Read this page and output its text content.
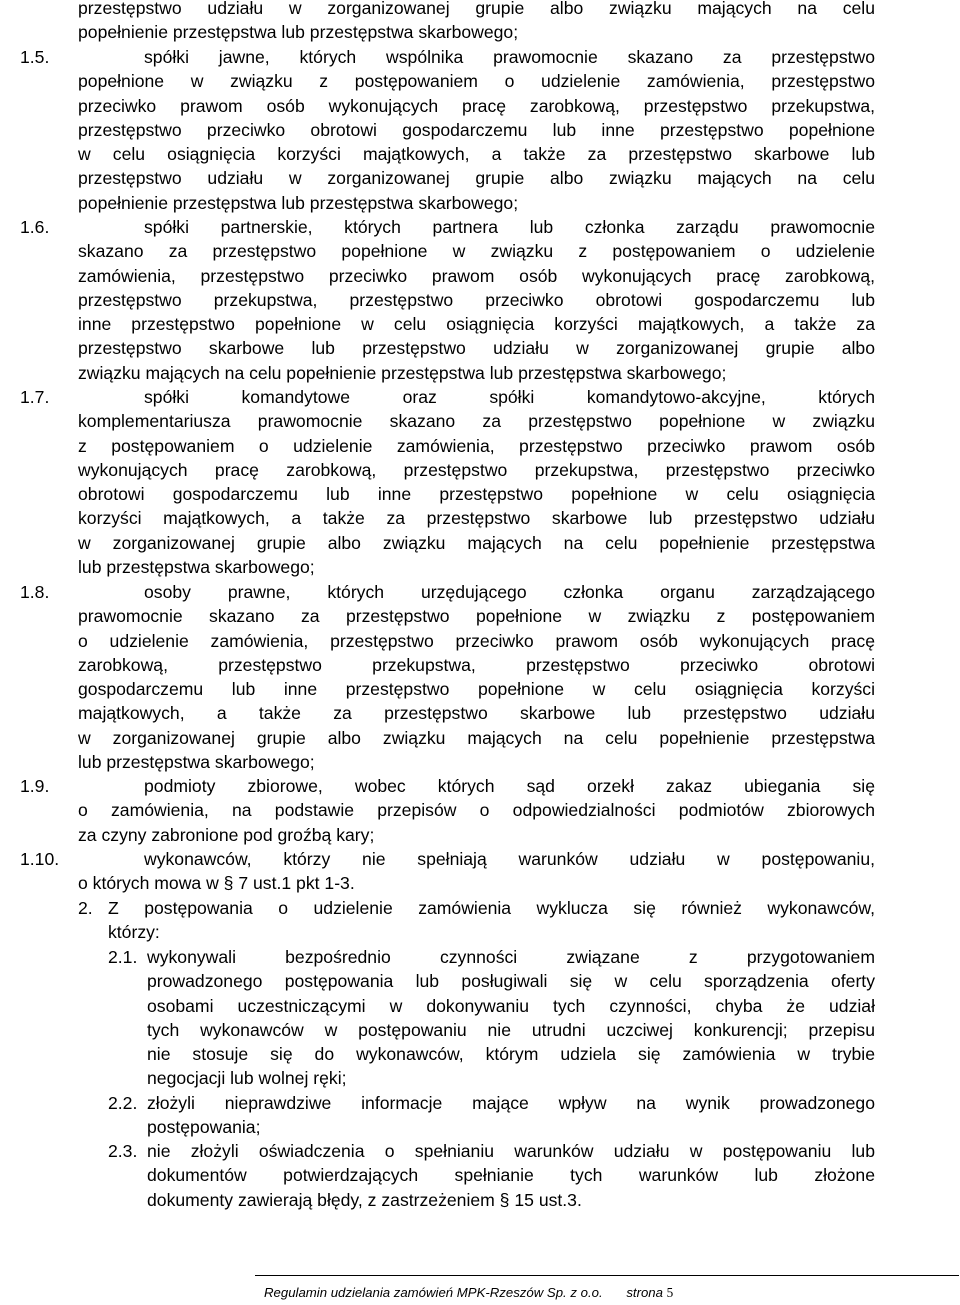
przestępstwo udziału w zorganizowanej grupie albo związku mających na celu
popełnienie przestępstwa lub przestępstwa skarbowego;
1.5.	spółki jawne, których wspólnika prawomocnie skazano za przestępstwo
popełnione w związku z postępowaniem o udzielenie zamówienia, przestępstwo
przeciwko prawom osób wykonujących pracę zarobkową, przestępstwo przekupstwa,
przestępstwo przeciwko obrotowi gospodarczemu lub inne przestępstwo popełnione
w celu osiągnięcia korzyści majątkowych, a także za przestępstwo skarbowe lub
przestępstwo udziału w zorganizowanej grupie albo związku mających na celu
popełnienie przestępstwa lub przestępstwa skarbowego;
1.6.	spółki partnerskie, których partnera lub członka zarządu prawomocnie
skazano za przestępstwo popełnione w związku z postępowaniem o udzielenie
zamówienia, przestępstwo przeciwko prawom osób wykonujących pracę zarobkową,
przestępstwo przekupstwa, przestępstwo przeciwko obrotowi gospodarczemu lub
inne przestępstwo popełnione w celu osiągnięcia korzyści majątkowych, a także za
przestępstwo skarbowe lub przestępstwo udziału w zorganizowanej grupie albo
związku mających na celu popełnienie przestępstwa lub przestępstwa skarbowego;
1.7.	spółki komandytowe oraz spółki komandytowo-akcyjne, których
komplementariusza prawomocnie skazano za przestępstwo popełnione w związku
z postępowaniem o udzielenie zamówienia, przestępstwo przeciwko prawom osób
wykonujących pracę zarobkową, przestępstwo przekupstwa, przestępstwo przeciwko
obrotowi gospodarczemu lub inne przestępstwo popełnione w celu osiągnięcia
korzyści majątkowych, a także za przestępstwo skarbowe lub przestępstwo udziału
w zorganizowanej grupie albo związku mających na celu popełnienie przestępstwa
lub przestępstwa skarbowego;
1.8.	osoby prawne, których urzędującego członka organu zarządzającego
prawomocnie skazano za przestępstwo popełnione w związku z postępowaniem
o udzielenie zamówienia, przestępstwo przeciwko prawom osób wykonujących pracę
zarobkową, przestępstwo przekupstwa, przestępstwo przeciwko obrotowi
gospodarczemu lub inne przestępstwo popełnione w celu osiągnięcia korzyści
majątkowych, a także za przestępstwo skarbowe lub przestępstwo udziału
w zorganizowanej grupie albo związku mających na celu popełnienie przestępstwa
lub przestępstwa skarbowego;
1.9.	podmioty zbiorowe, wobec których sąd orzekł zakaz ubiegania się
o zamówienia, na podstawie przepisów o odpowiedzialności podmiotów zbiorowych
za czyny zabronione pod groźbą kary;
1.10.	wykonawców, którzy nie spełniają warunków udziału w postępowaniu,
o których mowa w § 7 ust.1 pkt 1-3.
2. Z postępowania o udzielenie zamówienia wyklucza się również wykonawców,
którzy:
2.1. wykonywali bezpośrednio czynności związane z przygotowaniem
prowadzonego postępowania lub posługiwali się w celu sporządzenia oferty
osobami uczestniczącymi w dokonywaniu tych czynności, chyba że udział
tych wykonawców w postępowaniu nie utrudni uczciwej konkurencji; przepisu
nie stosuje się do wykonawców, którym udziela się zamówienia w trybie
negocjacji lub wolnej ręki;
2.2. złożyli nieprawdziwe informacje mające wpływ na wynik prowadzonego
postępowania;
2.3. nie złożyli oświadczenia o spełnianiu warunków udziału w postępowaniu lub
dokumentów potwierdzających spełnianie tych warunków lub złożone
dokumenty zawierają błędy, z zastrzeżeniem § 15 ust.3.
Regulamin udzielania zamówień MPK-Rzeszów Sp. z o.o. strona 5
